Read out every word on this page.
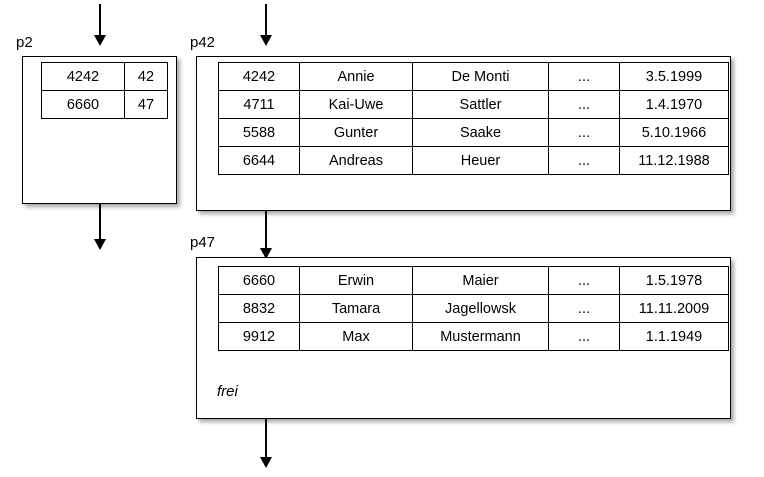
p2
4242	42
6660	47
p42
4242	Annie	De Monti	...	3.5.1999
4711	Kai-Uwe	Sattler	...	1.4.1970
5588	Gunter	Saake	...	5.10.1966
6644	Andreas	Heuer	...	11.12.1988
p47
6660	Erwin	Maier	...	1.5.1978
8832	Tamara	Jagellowsk	...	11.11.2009
9912	Max	Mustermann	...	1.1.1949
frei
